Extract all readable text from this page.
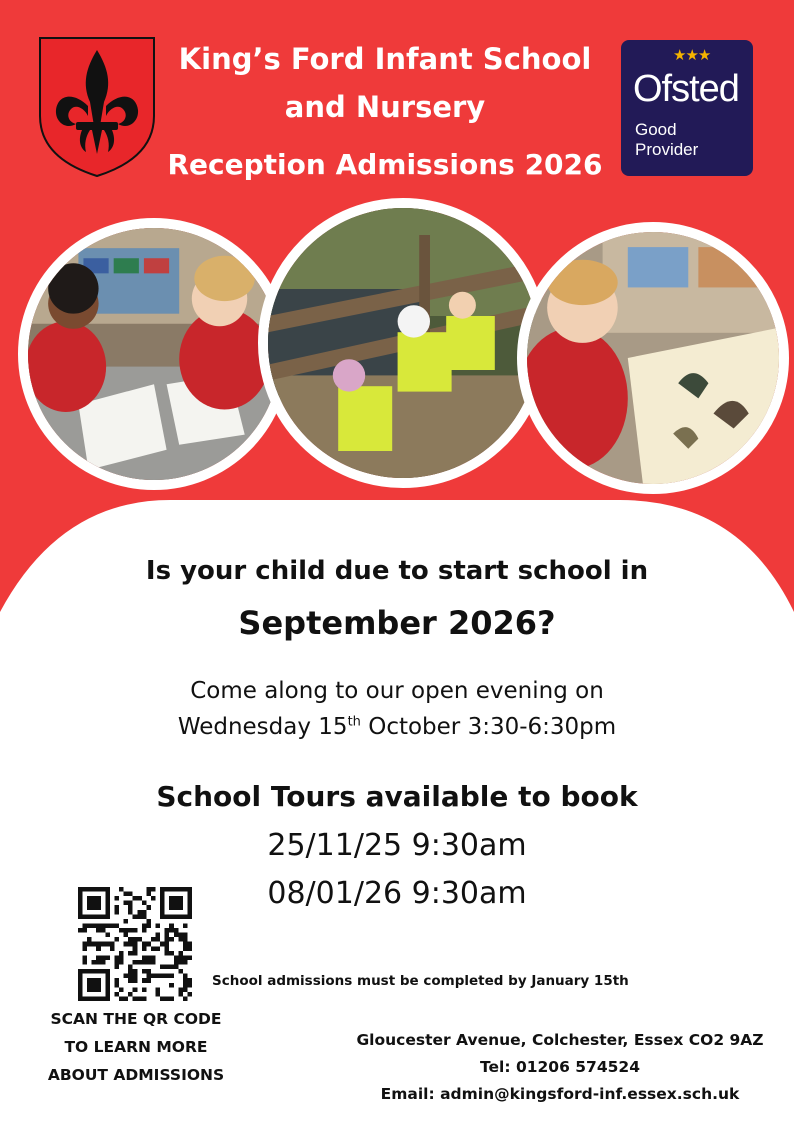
King’s Ford Infant School
and Nursery
Reception Admissions 2026
★★★
Ofsted
Good
Provider

Is your child due to start school in

September 2026?

Come along to our open evening on

Wednesday 15th October 3:30-6:30pm

School Tours available to book

25/11/25 9:30am

08/01/26 9:30am

School admissions must be completed by January 15th

SCAN THE QR CODE

TO LEARN MORE

ABOUT ADMISSIONS

Gloucester Avenue, Colchester, Essex CO2 9AZ

Tel: 01206 574524

Email: admin@kingsford-inf.essex.sch.uk
